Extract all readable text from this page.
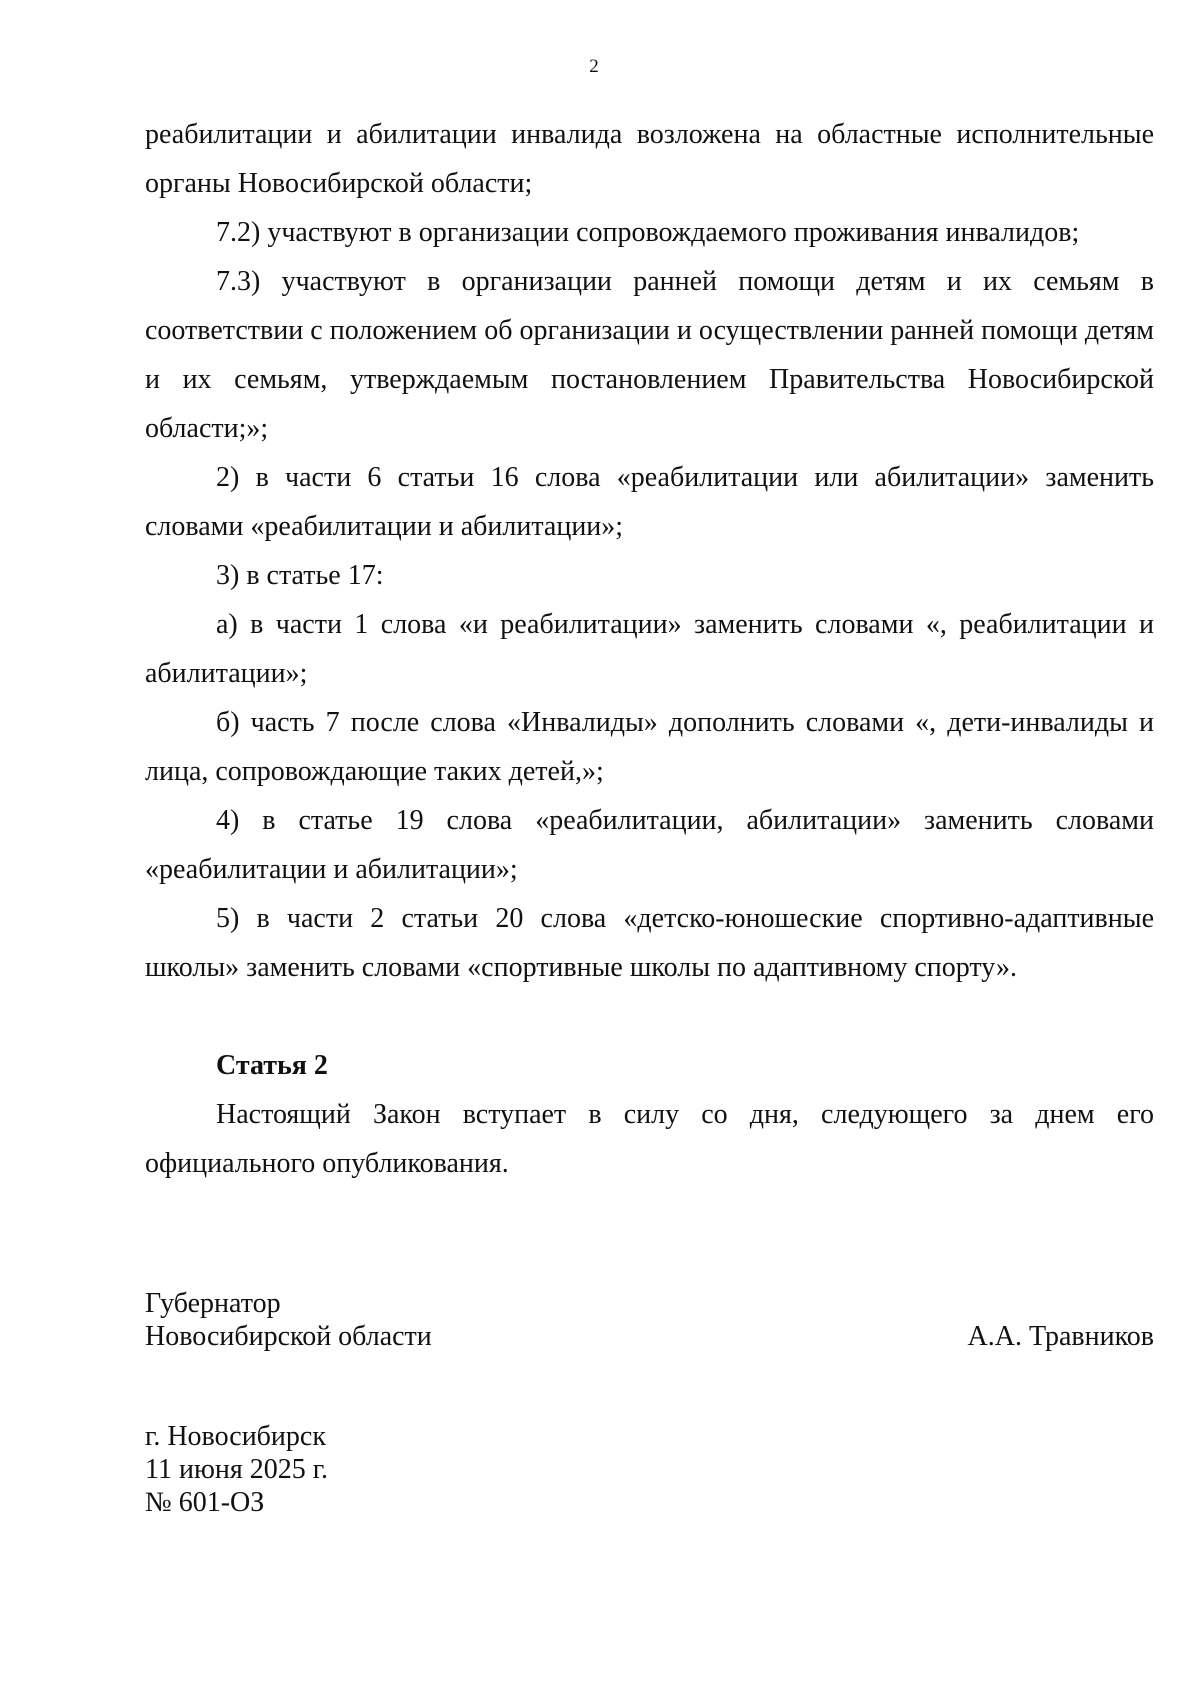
2

реабилитации и абилитации инвалида возложена на областные исполнительные органы Новосибирской области;

7.2) участвуют в организации сопровождаемого проживания инвалидов;

7.3) участвуют в организации ранней помощи детям и их семьям в соответствии с положением об организации и осуществлении ранней помощи детям и их семьям, утверждаемым постановлением Правительства Новосибирской области;»;

2) в части 6 статьи 16 слова «реабилитации или абилитации» заменить словами «реабилитации и абилитации»;

3) в статье 17:

а) в части 1 слова «и реабилитации» заменить словами «, реабилитации и абилитации»;

б) часть 7 после слова «Инвалиды» дополнить словами «, дети-инвалиды и лица, сопровождающие таких детей,»;

4) в статье 19 слова «реабилитации, абилитации» заменить словами «реабилитации и абилитации»;

5) в части 2 статьи 20 слова «детско-юношеские спортивно-адаптивные школы» заменить словами «спортивные школы по адаптивному спорту».

Статья 2

Настоящий Закон вступает в силу со дня, следующего за днем его официального опубликования.

Губернатор
Новосибирской области	А.А. Травников
г. Новосибирск
11 июня 2025 г.
№ 601-ОЗ
